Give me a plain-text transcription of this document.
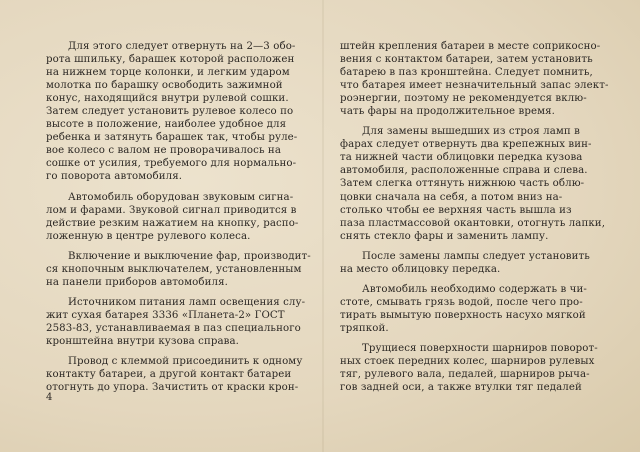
Для этого следует отвернуть на 2—3 обо-
рота шпильку, барашек которой расположен
на нижнем торце колонки, и легким ударом
молотка по барашку освободить зажимной
конус, находящийся внутри рулевой сошки.
Затем следует установить рулевое колесо по
высоте в положение, наиболее удобное для
ребенка и затянуть барашек так, чтобы руле-
вое колесо с валом не проворачивалось на
сошке от усилия, требуемого для нормально-
го поворота автомобиля.
Автомобиль оборудован звуковым сигна-
лом и фарами. Звуковой сигнал приводится в
действие резким нажатием на кнопку, распо-
ложенную в центре рулевого колеса.
Включение и выключение фар, производит-
ся кнопочным выключателем, установленным
на панели приборов автомобиля.
Источником питания ламп освещения слу-
жит сухая батарея 3336 «Планета-2» ГОСТ
2583-83, устанавливаемая в паз специального
кронштейна внутри кузова справа.
Провод с клеммой присоединить к одному
контакту батареи, а другой контакт батареи
отогнуть до упора. Зачистить от краски крон-
штейн крепления батареи в месте соприкосно-
вения с контактом батареи, затем установить
батарею в паз кронштейна. Следует помнить,
что батарея имеет незначительный запас элект-
роэнергии, поэтому не рекомендуется вклю-
чать фары на продолжительное время.
Для замены вышедших из строя ламп в
фарах следует отвернуть два крепежных вин-
та нижней части облицовки передка кузова
автомобиля, расположенные справа и слева.
Затем слегка оттянуть нижнюю часть облю-
цовки сначала на себя, а потом вниз на-
столько чтобы ее верхняя часть вышла из
паза пластмассовой окантовки, отогнуть лапки,
снять стекло фары и заменить лампу.
После замены лампы следует установить
на место облицовку передка.
Автомобиль необходимо содержать в чи-
стоте, смывать грязь водой, после чего про-
тирать вымытую поверхность насухо мягкой
тряпкой.
Трущиеся поверхности шарниров поворот-
ных стоек передних колес, шарниров рулевых
тяг, рулевого вала, педалей, шарниров рыча-
гов задней оси, а также втулки тяг педалей
4
